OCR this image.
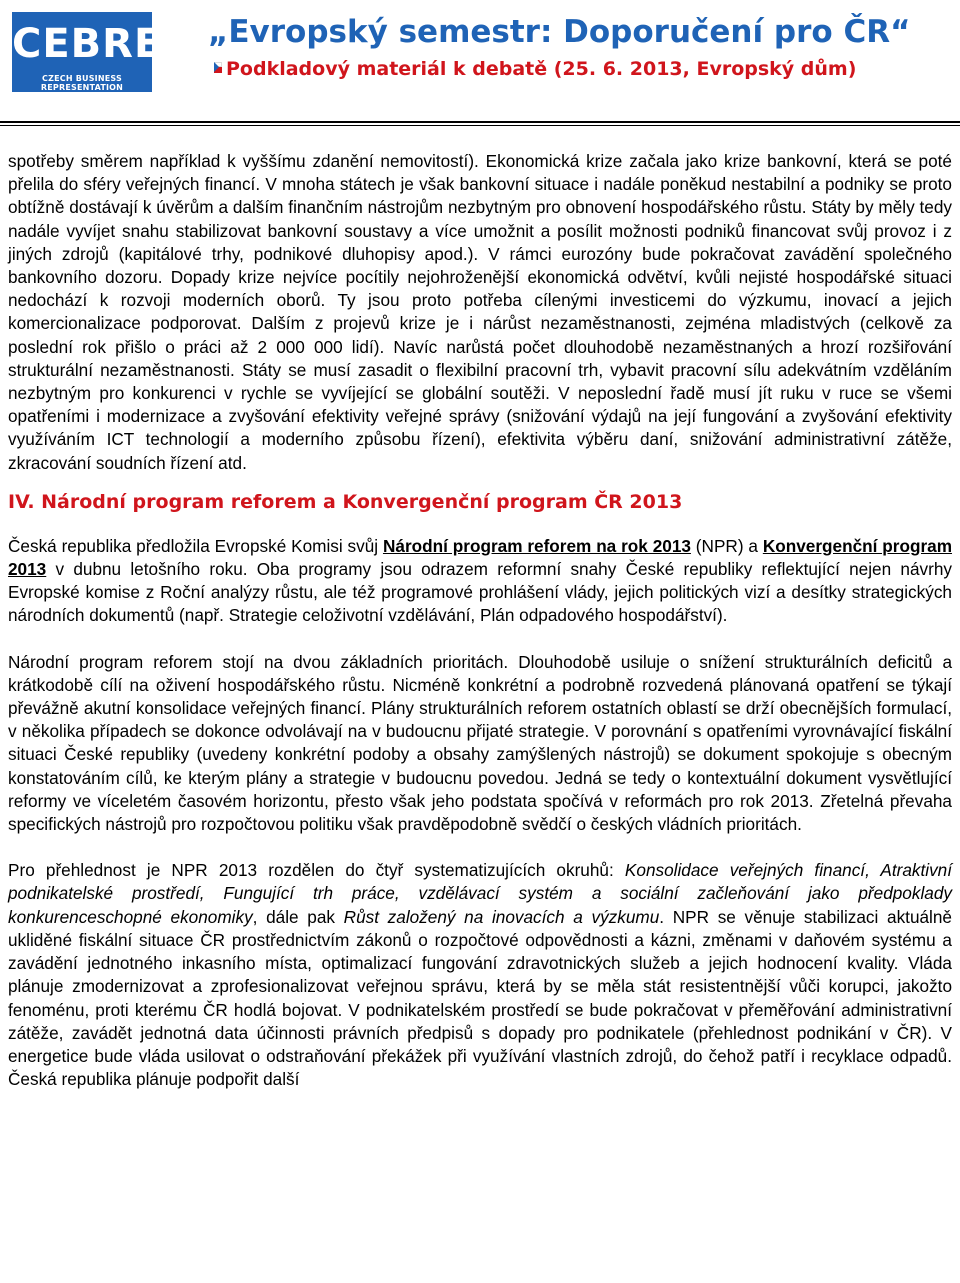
CEBRE
CZECH BUSINESS REPRESENTATION
„Evropský semestr: Doporučení pro ČR“
Podkladový materiál k debatě (25. 6. 2013, Evropský dům)

spotřeby směrem například k vyššímu zdanění nemovitostí). Ekonomická krize začala jako krize bankovní, která se poté přelila do sféry veřejných financí. V mnoha státech je však bankovní situace i nadále poněkud nestabilní a podniky se proto obtížně dostávají k úvěrům a dalším finančním nástrojům nezbytným pro obnovení hospodářského růstu. Státy by měly tedy nadále vyvíjet snahu stabilizovat bankovní soustavy a více umožnit a posílit možnosti podniků financovat svůj provoz i z jiných zdrojů (kapitálové trhy, podnikové dluhopisy apod.). V rámci eurozóny bude pokračovat zavádění společného bankovního dozoru. Dopady krize nejvíce pocítily nejohroženější ekonomická odvětví, kvůli nejisté hospodářské situaci nedochází k rozvoji moderních oborů. Ty jsou proto potřeba cílenými investicemi do výzkumu, inovací a jejich komercionalizace podporovat. Dalším z projevů krize je i nárůst nezaměstnanosti, zejména mladistvých (celkově za poslední rok přišlo o práci až 2 000 000 lidí). Navíc narůstá počet dlouhodobě nezaměstnaných a hrozí rozšiřování strukturální nezaměstnanosti. Státy se musí zasadit o flexibilní pracovní trh, vybavit pracovní sílu adekvátním vzděláním nezbytným pro konkurenci v rychle se vyvíjející se globální soutěži. V neposlední řadě musí jít ruku v ruce se všemi opatřeními i modernizace a zvyšování efektivity veřejné správy (snižování výdajů na její fungování a zvyšování efektivity využíváním ICT technologií a moderního způsobu řízení), efektivita výběru daní, snižování administrativní zátěže, zkracování soudních řízení atd.

IV. Národní program reforem a Konvergenční program ČR 2013

Česká republika předložila Evropské Komisi svůj Národní program reforem na rok 2013 (NPR) a Konvergenční program 2013 v dubnu letošního roku. Oba programy jsou odrazem reformní snahy České republiky reflektující nejen návrhy Evropské komise z Roční analýzy růstu, ale též programové prohlášení vlády, jejich politických vizí a desítky strategických národních dokumentů (např. Strategie celoživotní vzdělávání, Plán odpadového hospodářství).

Národní program reforem stojí na dvou základních prioritách. Dlouhodobě usiluje o snížení strukturálních deficitů a krátkodobě cílí na oživení hospodářského růstu. Nicméně konkrétní a podrobně rozvedená plánovaná opatření se týkají převážně akutní konsolidace veřejných financí. Plány strukturálních reforem ostatních oblastí se drží obecnějších formulací, v několika případech se dokonce odvolávají na v budoucnu přijaté strategie. V porovnání s opatřeními vyrovnávající fiskální situaci České republiky (uvedeny konkrétní podoby a obsahy zamýšlených nástrojů) se dokument spokojuje s obecným konstatováním cílů, ke kterým plány a strategie v budoucnu povedou. Jedná se tedy o kontextuální dokument vysvětlující reformy ve víceletém časovém horizontu, přesto však jeho podstata spočívá v reformách pro rok 2013. Zřetelná převaha specifických nástrojů pro rozpočtovou politiku však pravděpodobně svědčí o českých vládních prioritách.

Pro přehlednost je NPR 2013 rozdělen do čtyř systematizujících okruhů: Konsolidace veřejných financí, Atraktivní podnikatelské prostředí, Fungující trh práce, vzdělávací systém a sociální začleňování jako předpoklady konkurenceschopné ekonomiky, dále pak Růst založený na inovacích a výzkumu. NPR se věnuje stabilizaci aktuálně ukliděné fiskální situace ČR prostřednictvím zákonů o rozpočtové odpovědnosti a kázni, změnami v daňovém systému a zavádění jednotného inkasního místa, optimalizací fungování zdravotnických služeb a jejich hodnocení kvality. Vláda plánuje zmodernizovat a zprofesionalizovat veřejnou správu, která by se měla stát resistentnější vůči korupci, jakožto fenoménu, proti kterému ČR hodlá bojovat. V podnikatelském prostředí se bude pokračovat v přeměřování administrativní zátěže, zavádět jednotná data účinnosti právních předpisů s dopady pro podnikatele (přehlednost podnikání v ČR). V energetice bude vláda usilovat o odstraňování překážek při využívání vlastních zdrojů, do čehož patří i recyklace odpadů. Česká republika plánuje podpořit další
